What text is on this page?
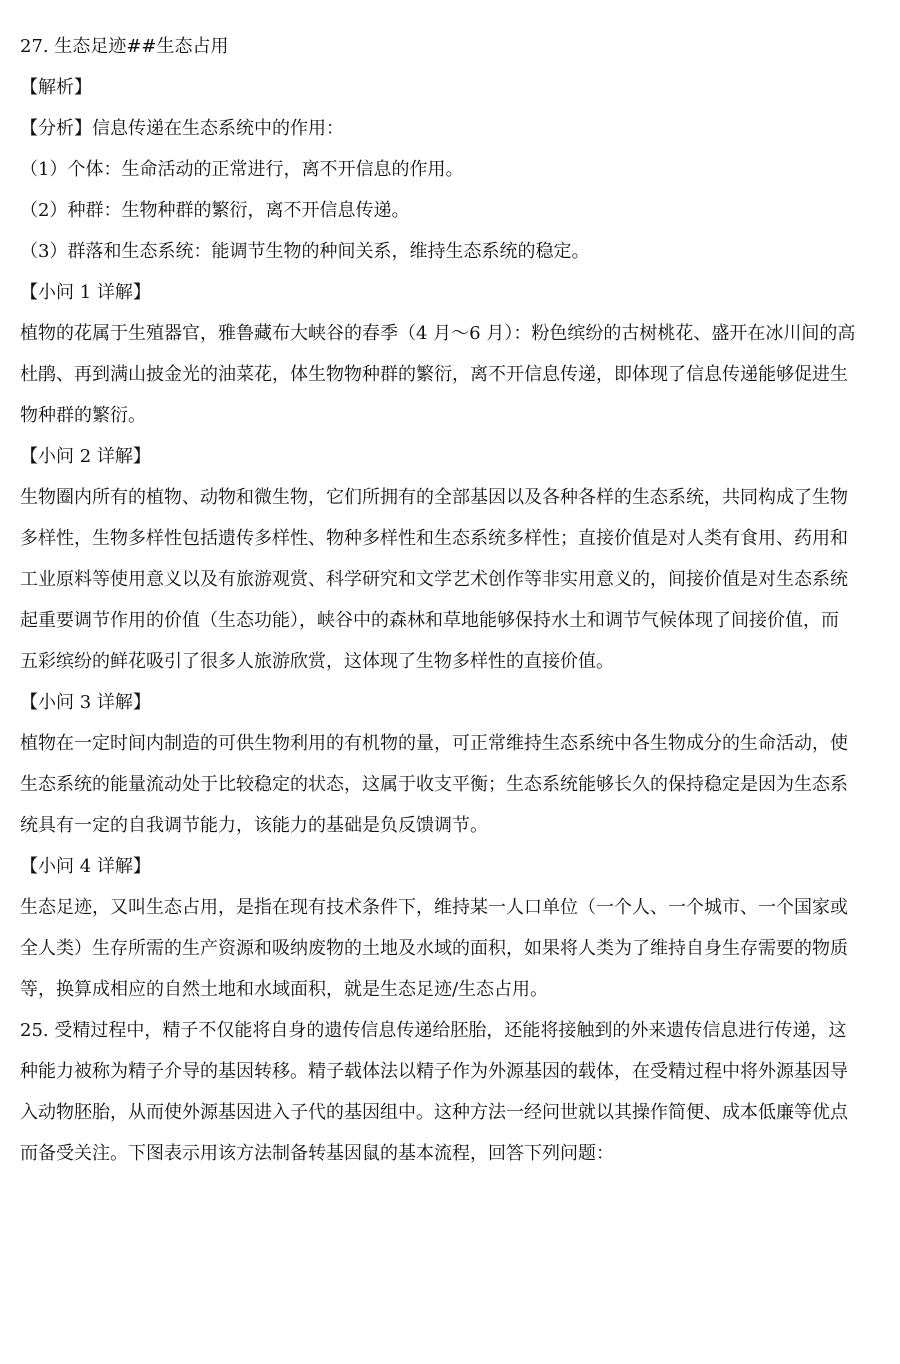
27. 生态足迹##生态占用
【解析】
【分析】信息传递在生态系统中的作用：
（1）个体：生命活动的正常进行，离不开信息的作用。
（2）种群：生物种群的繁衍，离不开信息传递。
（3）群落和生态系统：能调节生物的种间关系，维持生态系统的稳定。
【小问 1 详解】
植物的花属于生殖器官，雅鲁藏布大峡谷的春季（4 月～6 月）：粉色缤纷的古树桃花、盛开在冰川间的高
杜鹃、再到满山披金光的油菜花，体生物物种群的繁衍，离不开信息传递，即体现了信息传递能够促进生
物种群的繁衍。
【小问 2 详解】
生物圈内所有的植物、动物和微生物，它们所拥有的全部基因以及各种各样的生态系统，共同构成了生物
多样性，生物多样性包括遗传多样性、物种多样性和生态系统多样性；直接价值是对人类有食用、药用和
工业原料等使用意义以及有旅游观赏、科学研究和文学艺术创作等非实用意义的，间接价值是对生态系统
起重要调节作用的价值（生态功能），峡谷中的森林和草地能够保持水土和调节气候体现了间接价值，而
五彩缤纷的鲜花吸引了很多人旅游欣赏，这体现了生物多样性的直接价值。
【小问 3 详解】
植物在一定时间内制造的可供生物利用的有机物的量，可正常维持生态系统中各生物成分的生命活动，使
生态系统的能量流动处于比较稳定的状态，这属于收支平衡；生态系统能够长久的保持稳定是因为生态系
统具有一定的自我调节能力，该能力的基础是负反馈调节。
【小问 4 详解】
生态足迹，又叫生态占用，是指在现有技术条件下，维持某一人口单位（一个人、一个城市、一个国家或
全人类）生存所需的生产资源和吸纳废物的土地及水域的面积，如果将人类为了维持自身生存需要的物质
等，换算成相应的自然土地和水域面积，就是生态足迹/生态占用。
25. 受精过程中，精子不仅能将自身的遗传信息传递给胚胎，还能将接触到的外来遗传信息进行传递，这
种能力被称为精子介导的基因转移。精子载体法以精子作为外源基因的载体，在受精过程中将外源基因导
入动物胚胎，从而使外源基因进入子代的基因组中。这种方法一经问世就以其操作简便、成本低廉等优点
而备受关注。下图表示用该方法制备转基因鼠的基本流程，回答下列问题：
